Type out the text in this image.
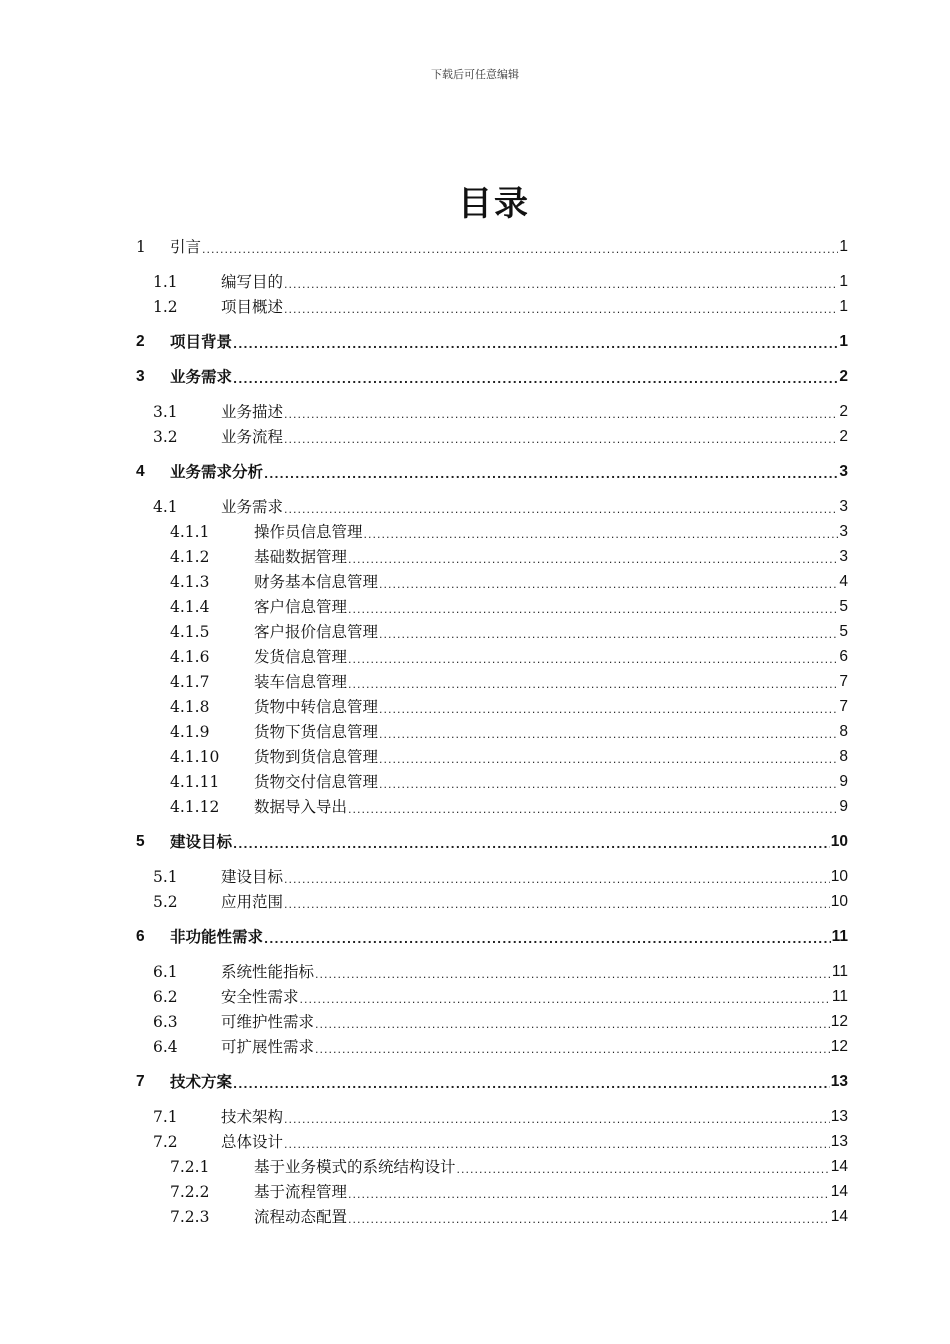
下载后可任意编辑
目录
1	引言 .....	1
1.1	编写目的 .....	1
1.2	项目概述 .....	1
2	项目背景 .....	1
3	业务需求 .....	2
3.1	业务描述 .....	2
3.2	业务流程 .....	2
4	业务需求分析 .....	3
4.1	业务需求 .....	3
4.1.1	操作员信息管理 .....	3
4.1.2	基础数据管理 .....	3
4.1.3	财务基本信息管理 .....	4
4.1.4	客户信息管理 .....	5
4.1.5	客户报价信息管理 .....	5
4.1.6	发货信息管理 .....	6
4.1.7	装车信息管理 .....	7
4.1.8	货物中转信息管理 .....	7
4.1.9	货物下货信息管理 .....	8
4.1.10	货物到货信息管理 .....	8
4.1.11	货物交付信息管理 .....	9
4.1.12	数据导入导出 .....	9
5	建设目标 .....	10
5.1	建设目标 .....	10
5.2	应用范围 .....	10
6	非功能性需求 .....	11
6.1	系统性能指标 .....	11
6.2	安全性需求 .....	11
6.3	可维护性需求 .....	12
6.4	可扩展性需求 .....	12
7	技术方案 .....	13
7.1	技术架构 .....	13
7.2	总体设计 .....	13
7.2.1	基于业务模式的系统结构设计 .....	14
7.2.2	基于流程管理 .....	14
7.2.3	流程动态配置 .....	14
